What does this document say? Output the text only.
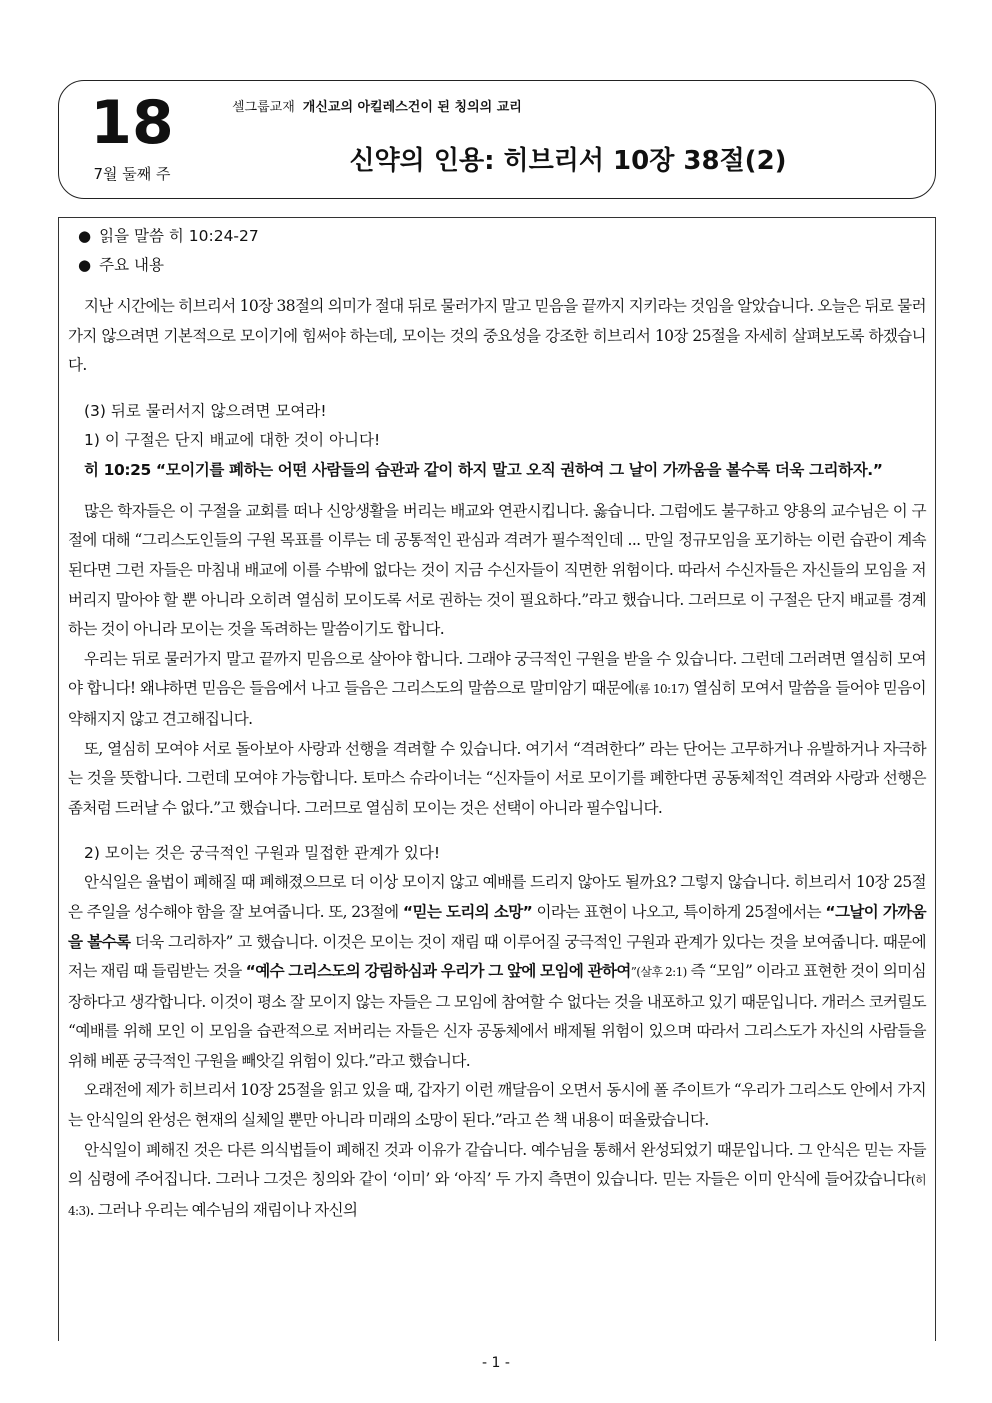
18
7월 둘째 주
셀그룹교재 개신교의 아킬레스건이 된 칭의의 교리
신약의 인용: 히브리서 10장 38절(2)
● 읽을 말씀 히 10:24-27
● 주요 내용

지난 시간에는 히브리서 10장 38절의 의미가 절대 뒤로 물러가지 말고 믿음을 끝까지 지키라는 것임을 알았습니다. 오늘은 뒤로 물러가지 않으려면 기본적으로 모이기에 힘써야 하는데, 모이는 것의 중요성을 강조한 히브리서 10장 25절을 자세히 살펴보도록 하겠습니다.

(3) 뒤로 물러서지 않으려면 모여라!
1) 이 구절은 단지 배교에 대한 것이 아니다!

히 10:25 “모이기를 폐하는 어떤 사람들의 습관과 같이 하지 말고 오직 권하여 그 날이 가까움을 볼수록 더욱 그리하자.”

많은 학자들은 이 구절을 교회를 떠나 신앙생활을 버리는 배교와 연관시킵니다. 옳습니다. 그럼에도 불구하고 양용의 교수님은 이 구절에 대해 “그리스도인들의 구원 목표를 이루는 데 공통적인 관심과 격려가 필수적인데 ... 만일 정규모임을 포기하는 이런 습관이 계속 된다면 그런 자들은 마침내 배교에 이를 수밖에 없다는 것이 지금 수신자들이 직면한 위험이다. 따라서 수신자들은 자신들의 모임을 저버리지 말아야 할 뿐 아니라 오히려 열심히 모이도록 서로 권하는 것이 필요하다.”라고 했습니다. 그러므로 이 구절은 단지 배교를 경계하는 것이 아니라 모이는 것을 독려하는 말씀이기도 합니다.

우리는 뒤로 물러가지 말고 끝까지 믿음으로 살아야 합니다. 그래야 궁극적인 구원을 받을 수 있습니다. 그런데 그러려면 열심히 모여야 합니다! 왜냐하면 믿음은 들음에서 나고 들음은 그리스도의 말씀으로 말미암기 때문에(롬 10:17) 열심히 모여서 말씀을 들어야 믿음이 약해지지 않고 견고해집니다.

또, 열심히 모여야 서로 돌아보아 사랑과 선행을 격려할 수 있습니다. 여기서 “격려한다” 라는 단어는 고무하거나 유발하거나 자극하는 것을 뜻합니다. 그런데 모여야 가능합니다. 토마스 슈라이너는 “신자들이 서로 모이기를 폐한다면 공동체적인 격려와 사랑과 선행은 좀처럼 드러날 수 없다.”고 했습니다. 그러므로 열심히 모이는 것은 선택이 아니라 필수입니다.

2) 모이는 것은 궁극적인 구원과 밀접한 관계가 있다!

안식일은 율법이 폐해질 때 폐해졌으므로 더 이상 모이지 않고 예배를 드리지 않아도 될까요? 그렇지 않습니다. 히브리서 10장 25절은 주일을 성수해야 함을 잘 보여줍니다. 또, 23절에 “믿는 도리의 소망” 이라는 표현이 나오고, 특이하게 25절에서는 “그날이 가까움을 볼수록 더욱 그리하자” 고 했습니다. 이것은 모이는 것이 재림 때 이루어질 궁극적인 구원과 관계가 있다는 것을 보여줍니다. 때문에 저는 재림 때 들림받는 것을 “예수 그리스도의 강림하심과 우리가 그 앞에 모임에 관하여”(살후 2:1) 즉 “모임” 이라고 표현한 것이 의미심장하다고 생각합니다. 이것이 평소 잘 모이지 않는 자들은 그 모임에 참여할 수 없다는 것을 내포하고 있기 때문입니다. 개러스 코커릴도 “예배를 위해 모인 이 모임을 습관적으로 저버리는 자들은 신자 공동체에서 배제될 위험이 있으며 따라서 그리스도가 자신의 사람들을 위해 베푼 궁극적인 구원을 빼앗길 위험이 있다.”라고 했습니다.

오래전에 제가 히브리서 10장 25절을 읽고 있을 때, 갑자기 이런 깨달음이 오면서 동시에 폴 주이트가 “우리가 그리스도 안에서 가지는 안식일의 완성은 현재의 실체일 뿐만 아니라 미래의 소망이 된다.”라고 쓴 책 내용이 떠올랐습니다.

안식일이 폐해진 것은 다른 의식법들이 폐해진 것과 이유가 같습니다. 예수님을 통해서 완성되었기 때문입니다. 그 안식은 믿는 자들의 심령에 주어집니다. 그러나 그것은 칭의와 같이 ‘이미’ 와 ‘아직’ 두 가지 측면이 있습니다. 믿는 자들은 이미 안식에 들어갔습니다(히 4:3). 그러나 우리는 예수님의 재림이나 자신의

- 1 -
